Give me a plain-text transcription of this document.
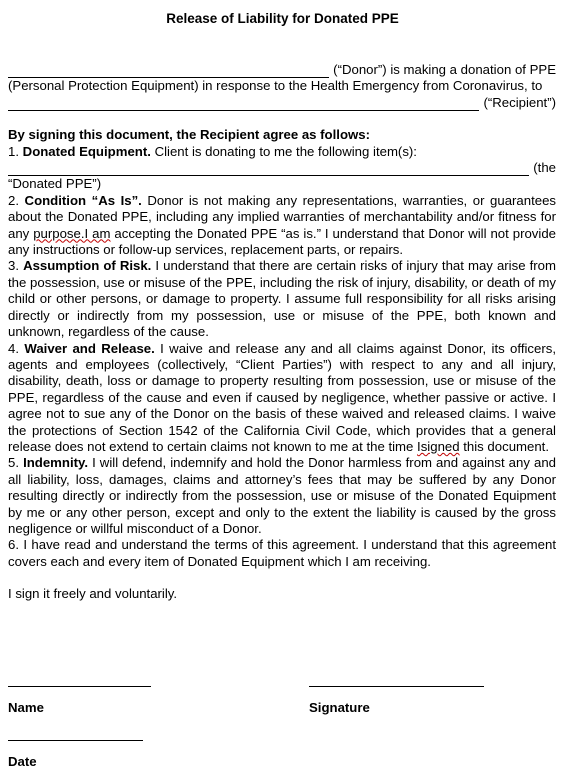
Release of Liability for Donated PPE
(“Donor”) is making a donation of PPE

(Personal Protection Equipment) in response to the Health Emergency from Coronavirus, to

(“Recipient”)

By signing this document, the Recipient agree as follows:

1. Donated Equipment. Client is donating to me the following item(s):

(the

“Donated PPE”)

2. Condition “As Is”. Donor is not making any representations, warranties, or guarantees about the Donated PPE, including any implied warranties of merchantability and/or fitness for any purpose.I am accepting the Donated PPE “as is.” I understand that Donor will not provide any instructions or follow-up services, replacement parts, or repairs.

3. Assumption of Risk. I understand that there are certain risks of injury that may arise from the possession, use or misuse of the PPE, including the risk of injury, disability, or death of my child or other persons, or damage to property. I assume full responsibility for all risks arising directly or indirectly from my possession, use or misuse of the PPE, both known and unknown, regardless of the cause.

4. Waiver and Release. I waive and release any and all claims against Donor, its officers, agents and employees (collectively, “Client Parties”) with respect to any and all injury, disability, death, loss or damage to property resulting from possession, use or misuse of the PPE, regardless of the cause and even if caused by negligence, whether passive or active. I agree not to sue any of the Donor on the basis of these waived and released claims. I waive the protections of Section 1542 of the California Civil Code, which provides that a general release does not extend to certain claims not known to me at the time Isigned this document.

5. Indemnity. I will defend, indemnify and hold the Donor harmless from and against any and all liability, loss, damages, claims and attorney’s fees that may be suffered by any Donor resulting directly or indirectly from the possession, use or misuse of the Donated Equipment by me or any other person, except and only to the extent the liability is caused by the gross negligence or willful misconduct of a Donor.

6. I have read and understand the terms of this agreement. I understand that this agreement covers each and every item of Donated Equipment which I am receiving.

I sign it freely and voluntarily.

Name	Signature
Date
